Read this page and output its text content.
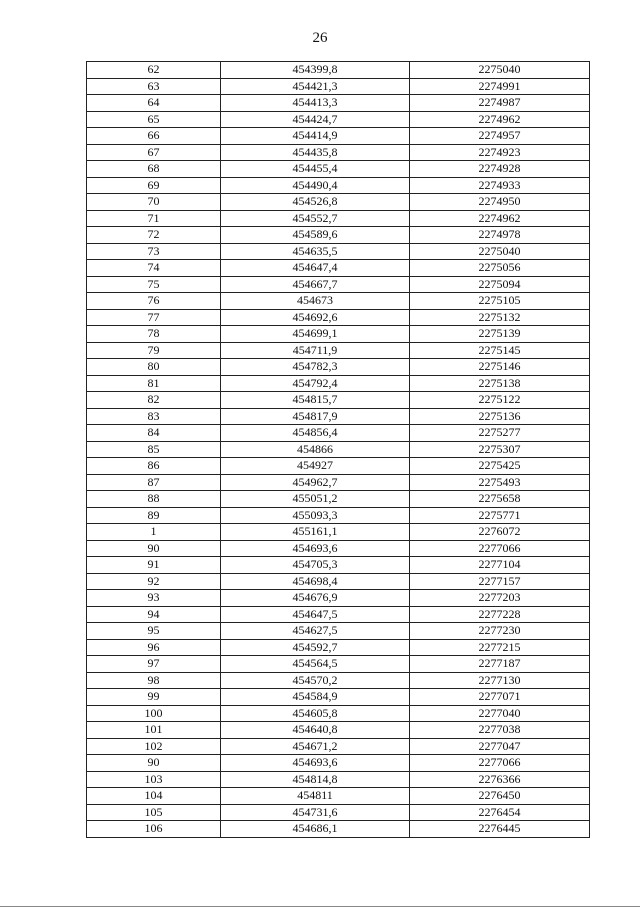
26
62	454399,8	2275040
63	454421,3	2274991
64	454413,3	2274987
65	454424,7	2274962
66	454414,9	2274957
67	454435,8	2274923
68	454455,4	2274928
69	454490,4	2274933
70	454526,8	2274950
71	454552,7	2274962
72	454589,6	2274978
73	454635,5	2275040
74	454647,4	2275056
75	454667,7	2275094
76	454673	2275105
77	454692,6	2275132
78	454699,1	2275139
79	454711,9	2275145
80	454782,3	2275146
81	454792,4	2275138
82	454815,7	2275122
83	454817,9	2275136
84	454856,4	2275277
85	454866	2275307
86	454927	2275425
87	454962,7	2275493
88	455051,2	2275658
89	455093,3	2275771
1	455161,1	2276072
90	454693,6	2277066
91	454705,3	2277104
92	454698,4	2277157
93	454676,9	2277203
94	454647,5	2277228
95	454627,5	2277230
96	454592,7	2277215
97	454564,5	2277187
98	454570,2	2277130
99	454584,9	2277071
100	454605,8	2277040
101	454640,8	2277038
102	454671,2	2277047
90	454693,6	2277066
103	454814,8	2276366
104	454811	2276450
105	454731,6	2276454
106	454686,1	2276445
